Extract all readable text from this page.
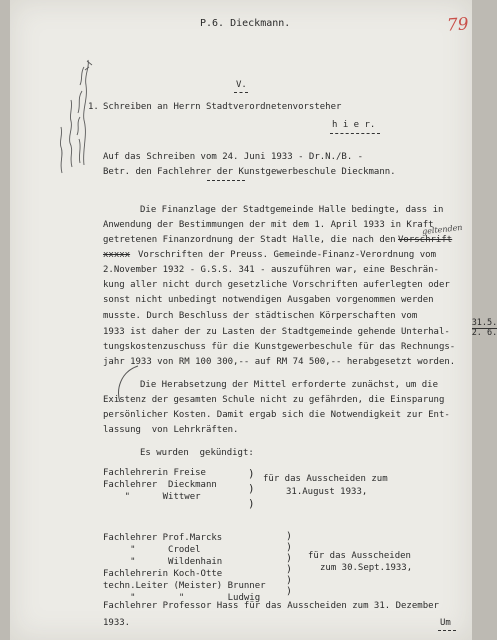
79
P.6. Dieckmann.
V.
1. Schreiben an Herrn Stadtverordnetenvorsteher
h i e r.
Auf das Schreiben vom 24. Juni 1933 - Dr.N./B. -
Betr. den Fachlehrer der Kunstgewerbeschule Dieckmann.
Die Finanzlage der Stadtgemeinde Halle bedingte, dass in
Anwendung der Bestimmungen der mit dem 1. April 1933 in Kraft
getretenen Finanzordnung der Stadt Halle, die nach den Vorschrift
geltenden
xxxxx Vorschriften der Preuss. Gemeinde-Finanz-Verordnung vom
2.November 1932 - G.S.S. 341 - auszuführen war, eine Beschrän-
kung aller nicht durch gesetzliche Vorschriften auferlegten oder
sonst nicht unbedingt notwendigen Ausgaben vorgenommen werden
musste. Durch Beschluss der städtischen Körperschaften vom

$\frac{31.5.}{2. 6.}$

1933 ist daher der zu Lasten der Stadtgemeinde gehende Unterhal-
tungskostenzuschuss für die Kunstgewerbeschule für das Rechnungs-
jahr 1933 von RM 100 300,-- auf RM 74 500,-- herabgesetzt worden.
Die Herabsetzung der Mittel erforderte zunächst, um die
Existenz der gesamten Schule nicht zu gefährden, die Einsparung
persönlicher Kosten. Damit ergab sich die Notwendigkeit zur Ent-
lassung  von Lehrkräften.
Es wurden  gekündigt:
Fachlehrerin Freise
Fachlehrer  Dieckmann
"      Wittwer
)
)
)
für das Ausscheiden zum
31.August 1933,
Fachlehrer Prof.Marcks
"      Crodel
"      Wildenhain
Fachlehrerin Koch-Otte
techn.Leiter (Meister) Brunner
"        "        Ludwig
)
)
)
)
)
)
für das Ausscheiden
zum 30.Sept.1933,
Fachlehrer Professor Hass für das Ausscheiden zum 31. Dezember
1933.	Um
